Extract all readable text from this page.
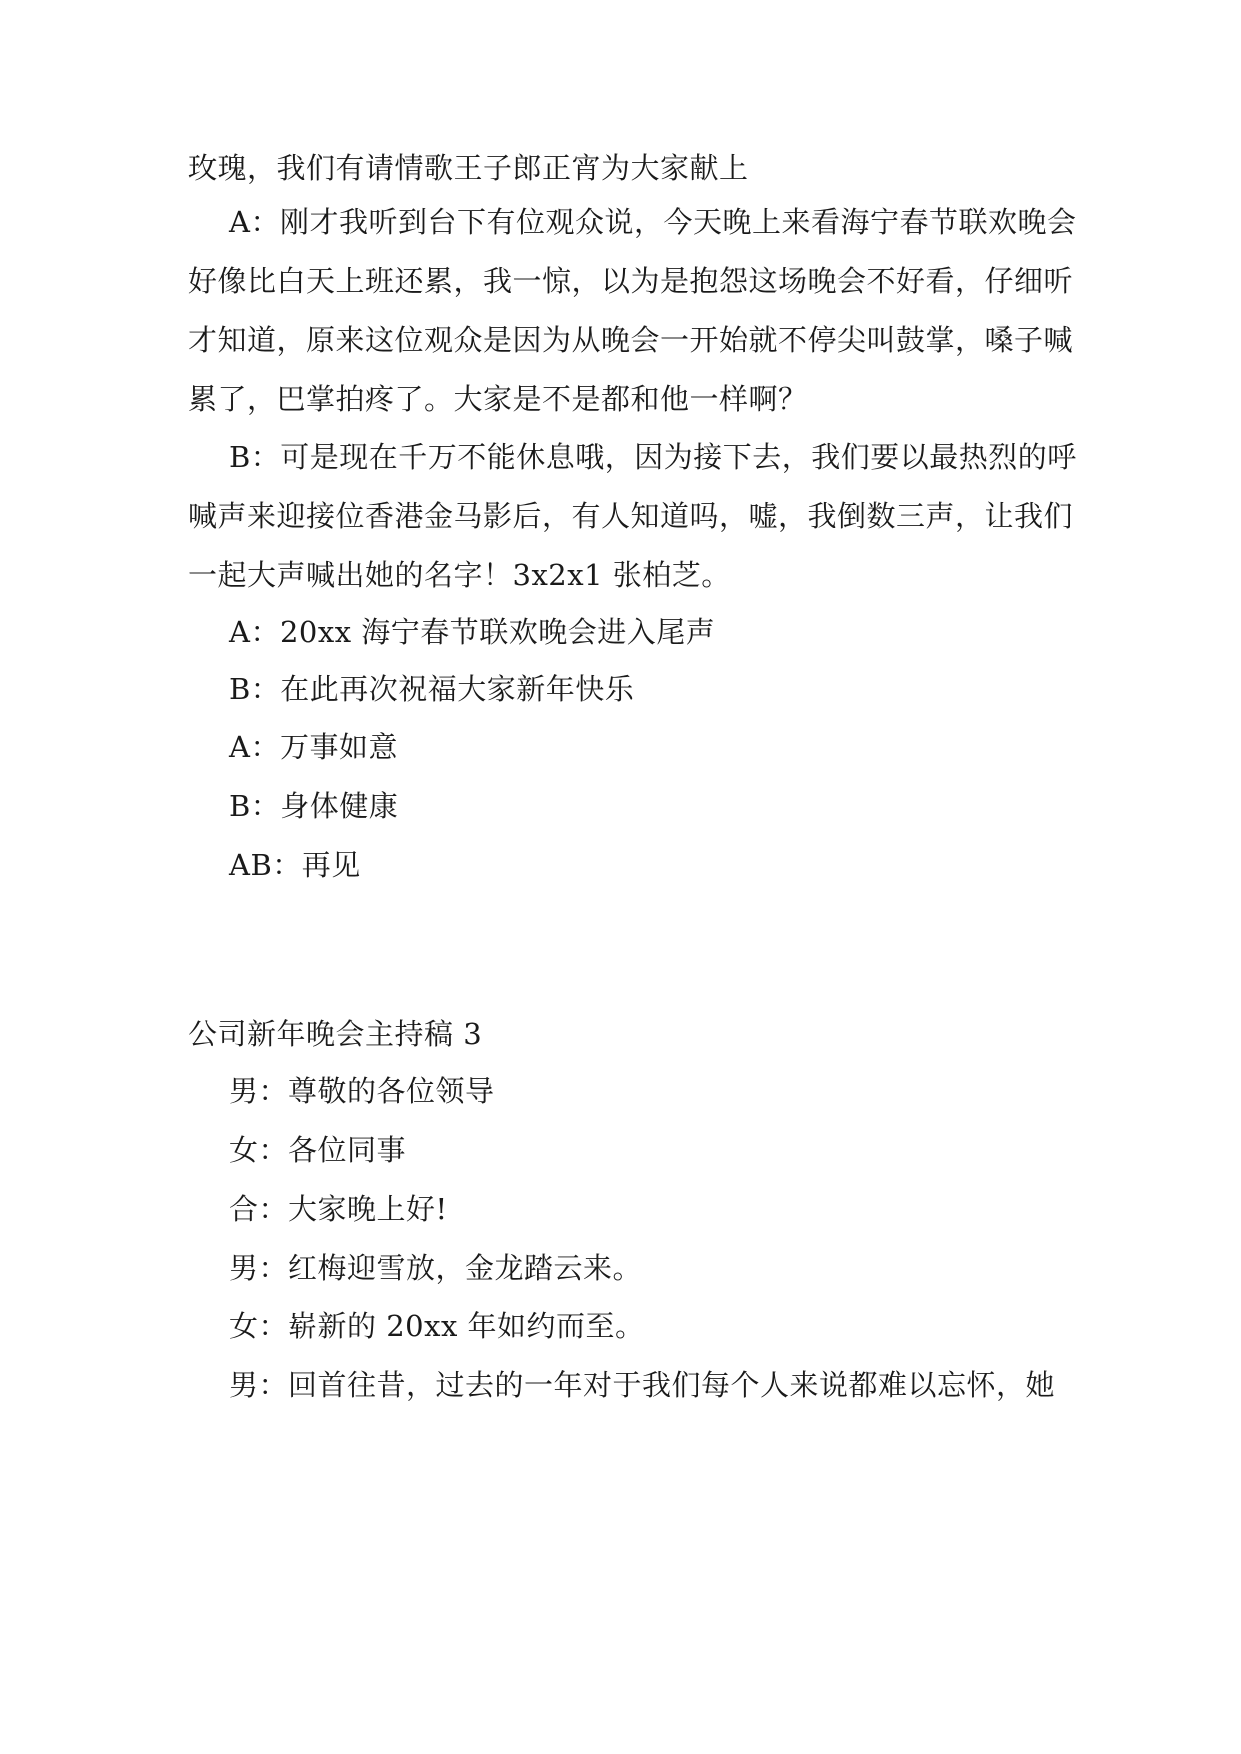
玫瑰，我们有请情歌王子郎正宵为大家献上
A：刚才我听到台下有位观众说，今天晚上来看海宁春节联欢晚会
好像比白天上班还累，我一惊，以为是抱怨这场晚会不好看，仔细听
才知道，原来这位观众是因为从晚会一开始就不停尖叫鼓掌，嗓子喊
累了，巴掌拍疼了。大家是不是都和他一样啊？
B：可是现在千万不能休息哦，因为接下去，我们要以最热烈的呼
喊声来迎接位香港金马影后，有人知道吗，嘘，我倒数三声，让我们
一起大声喊出她的名字！3x2x1 张柏芝。
A：20xx 海宁春节联欢晚会进入尾声
B：在此再次祝福大家新年快乐
A：万事如意
B：身体健康
AB：再见
公司新年晚会主持稿 3
男：尊敬的各位领导
女：各位同事
合：大家晚上好!
男：红梅迎雪放，金龙踏云来。
女：崭新的 20xx 年如约而至。
男：回首往昔，过去的一年对于我们每个人来说都难以忘怀，她
